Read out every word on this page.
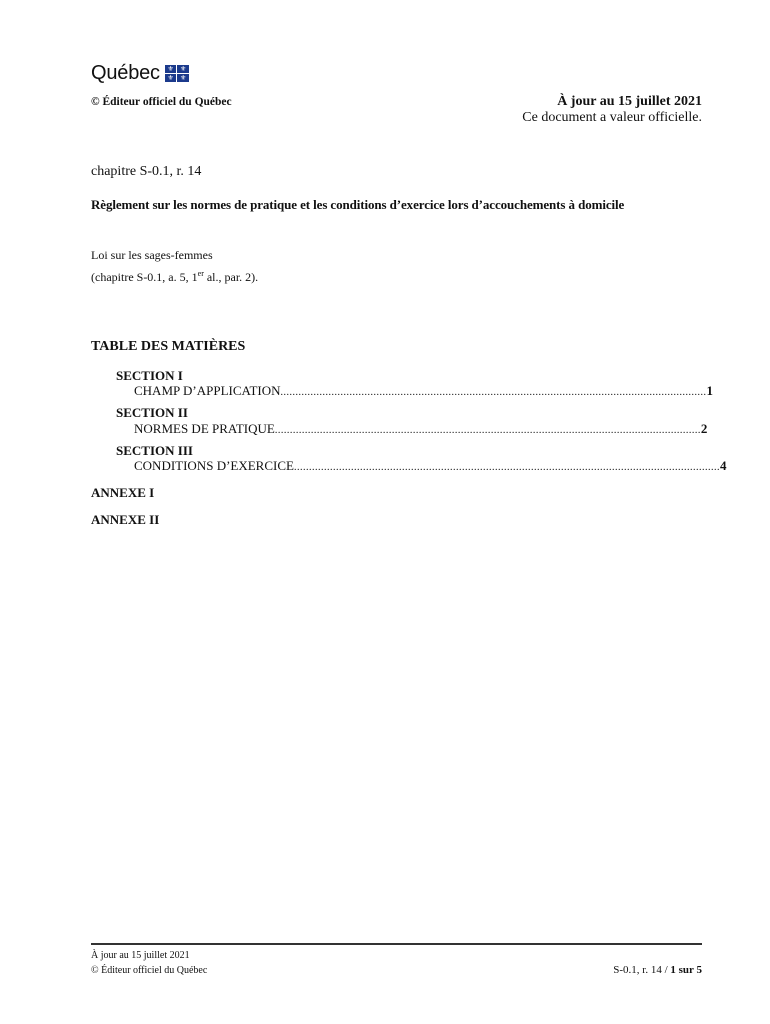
Québec	⚜ ⚜
⚜ ⚜
© Éditeur officiel du Québec	À jour au 15 juillet 2021
Ce document a valeur officielle.
chapitre S-0.1, r. 14
Règlement sur les normes de pratique et les conditions d’exercice lors d’accouchements à domicile
Loi sur les sages-femmes
(chapitre S-0.1, a. 5, 1er al., par. 2).
TABLE DES MATIÈRES
SECTION I
CHAMP D’APPLICATION .............................................................................................................................................. 1
SECTION II
NORMES DE PRATIQUE .............................................................................................................................................. 2
SECTION III
CONDITIONS D’EXERCICE .............................................................................................................................................. 4
ANNEXE I
ANNEXE II
À jour au 15 juillet 2021
© Éditeur officiel du Québec	S-0.1, r. 14 / 1 sur 5
